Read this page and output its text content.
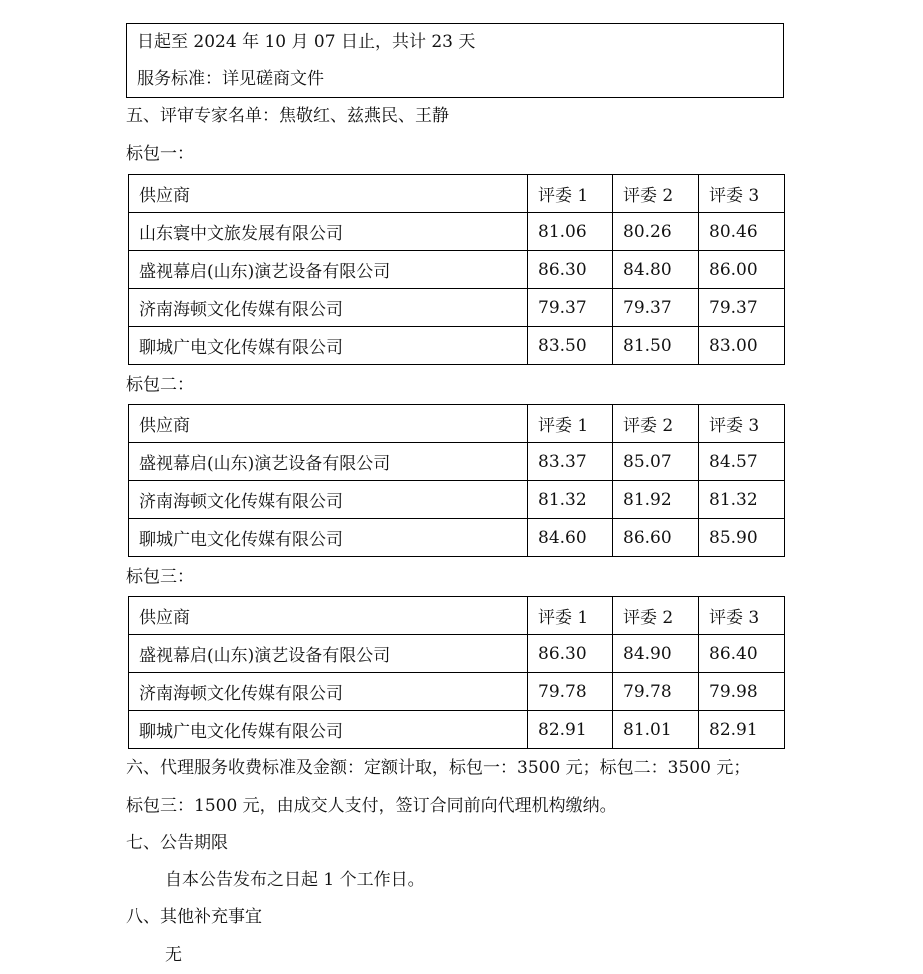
日起至 2024 年 10 月 07 日止，共计 23 天
服务标准：详见磋商文件
五、评审专家名单：焦敬红、兹燕民、王静
标包一：
供应商	评委 1	评委 2	评委 3
山东寰中文旅发展有限公司	81.06	80.26	80.46
盛视幕启(山东)演艺设备有限公司	86.30	84.80	86.00
济南海顿文化传媒有限公司	79.37	79.37	79.37
聊城广电文化传媒有限公司	83.50	81.50	83.00
标包二：
供应商	评委 1	评委 2	评委 3
盛视幕启(山东)演艺设备有限公司	83.37	85.07	84.57
济南海顿文化传媒有限公司	81.32	81.92	81.32
聊城广电文化传媒有限公司	84.60	86.60	85.90
标包三：
供应商	评委 1	评委 2	评委 3
盛视幕启(山东)演艺设备有限公司	86.30	84.90	86.40
济南海顿文化传媒有限公司	79.78	79.78	79.98
聊城广电文化传媒有限公司	82.91	81.01	82.91
六、代理服务收费标准及金额：定额计取，标包一：3500 元；标包二：3500 元；
标包三：1500 元，由成交人支付，签订合同前向代理机构缴纳。
七、公告期限
自本公告发布之日起 1 个工作日。
八、其他补充事宜
无
